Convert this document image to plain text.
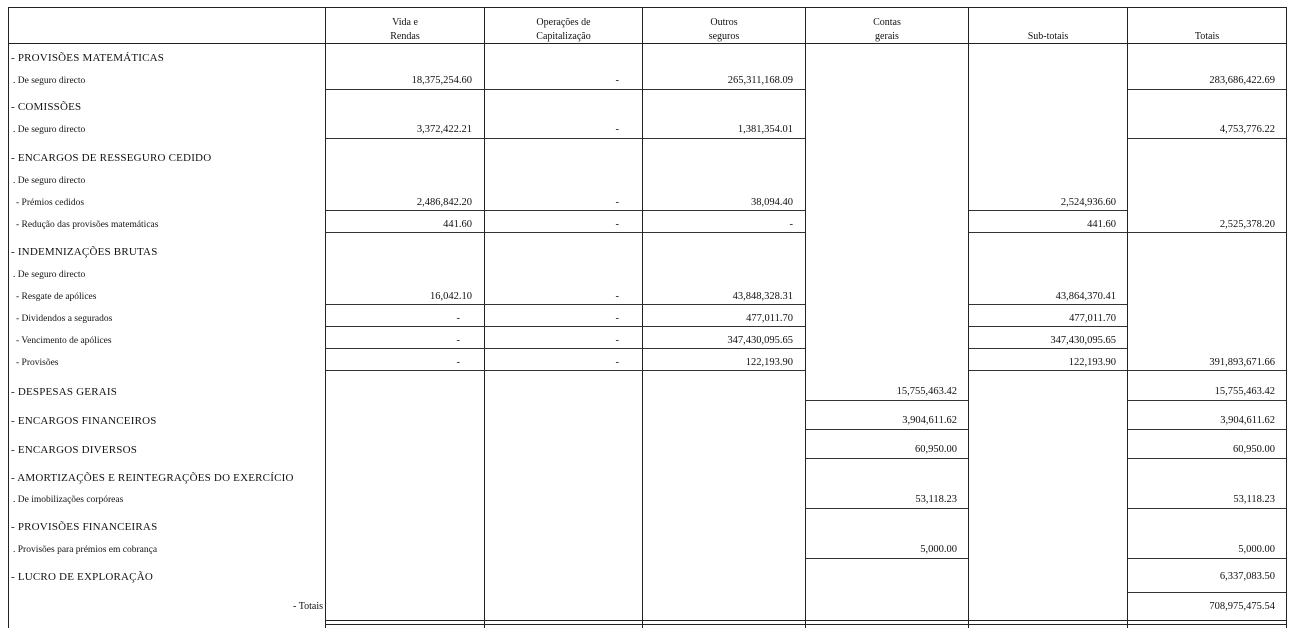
Vida e
Rendas
Operações de
Capitalização
Outros
seguros
Contas
gerais	Sub-totais	Totais
- PROVISÕES MATEMÁTICAS
. De seguro directo
- COMISSÕES
. De seguro directo
- ENCARGOS DE RESSEGURO CEDIDO
. De seguro directo
- Prémios cedidos
- Redução das provisões matemáticas
- INDEMNIZAÇÕES BRUTAS
. De seguro directo
- Resgate de apólices
- Dividendos a segurados
- Vencimento de apólices
- Provisões
- DESPESAS GERAIS
- ENCARGOS FINANCEIROS
- ENCARGOS DIVERSOS
- AMORTIZAÇÕES E REINTEGRAÇÕES DO EXERCÍCIO
. De imobilizações corpóreas
- PROVISÕES FINANCEIRAS
. Provisões para prémios em cobrança
- LUCRO DE EXPLORAÇÃO
- Totais
18,375,254.60
3,372,422.21
2,486,842.20
441.60
16,042.10
-
-
-
-
-
-
-
-
-
-
-
265,311,168.09
1,381,354.01
38,094.40
-
43,848,328.31
477,011.70
347,430,095.65
122,193.90
15,755,463.42
3,904,611.62
60,950.00
53,118.23
5,000.00
2,524,936.60
441.60
43,864,370.41
477,011.70
347,430,095.65
122,193.90
283,686,422.69
4,753,776.22
2,525,378.20
391,893,671.66
15,755,463.42
3,904,611.62
60,950.00
53,118.23
5,000.00
6,337,083.50
708,975,475.54
